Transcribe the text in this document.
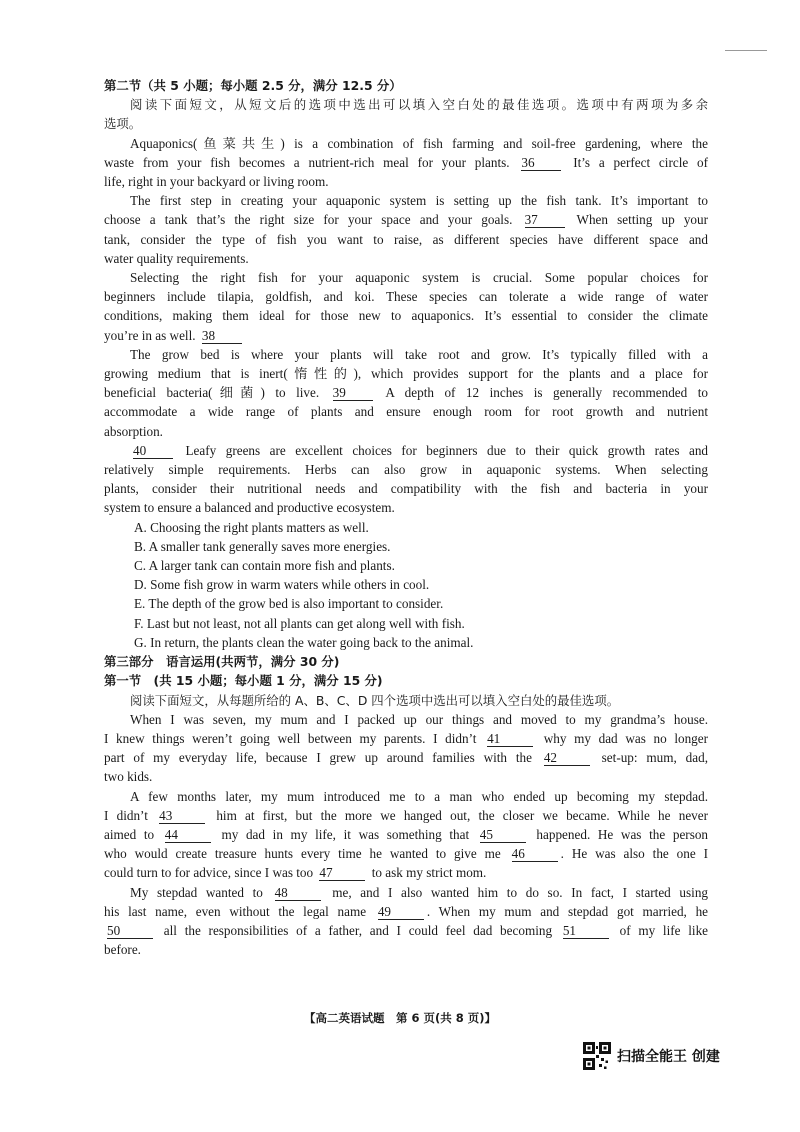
第二节（共 5 小题；每小题 2.5 分，满分 12.5 分）
阅读下面短文，从短文后的选项中选出可以填入空白处的最佳选项。选项中有两项为多余
选项。
Aquaponics(鱼菜共生) is a combination of fish farming and soil-free gardening, where the
waste from your fish becomes a nutrient-rich meal for your plants. 36	It’s a perfect circle of
life, right in your backyard or living room.
The first step in creating your aquaponic system is setting up the fish tank. It’s important to
choose a tank that’s the right size for your space and your goals. 37	When setting up your
tank, consider the type of fish you want to raise, as different species have different space and
water quality requirements.
Selecting the right fish for your aquaponic system is crucial. Some popular choices for
beginners include tilapia, goldfish, and koi. These species can tolerate a wide range of water
conditions, making them ideal for those new to aquaponics. It’s essential to consider the climate
you’re in as well. 38
The grow bed is where your plants will take root and grow. It’s typically filled with a
growing medium that is inert(惰性的), which provides support for the plants and a place for
beneficial bacteria(细菌) to live. 39	A depth of 12 inches is generally recommended to
accommodate a wide range of plants and ensure enough room for root growth and nutrient
absorption.
40	Leafy greens are excellent choices for beginners due to their quick growth rates and
relatively simple requirements. Herbs can also grow in aquaponic systems. When selecting
plants, consider their nutritional needs and compatibility with the fish and bacteria in your
system to ensure a balanced and productive ecosystem.
A. Choosing the right plants matters as well.
B. A smaller tank generally saves more energies.
C. A larger tank can contain more fish and plants.
D. Some fish grow in warm waters while others in cool.
E. The depth of the grow bed is also important to consider.
F. Last but not least, not all plants can get along well with fish.
G. In return, the plants clean the water going back to the animal.
第三部分　语言运用(共两节，满分 30 分)
第一节　(共 15 小题；每小题 1 分，满分 15 分)
阅读下面短文，从每题所给的 A、B、C、D 四个选项中选出可以填入空白处的最佳选项。
When I was seven, my mum and I packed up our things and moved to my grandma’s house.
I knew things weren’t going well between my parents. I didn’t 41	why my dad was no longer
part of my everyday life, because I grew up around families with the 42	set-up: mum, dad,
two kids.
A few months later, my mum introduced me to a man who ended up becoming my stepdad.
I didn’t 43	him at first, but the more we hanged out, the closer we became. While he never
aimed to 44	my dad in my life, it was something that 45	happened. He was the person
who would create treasure hunts every time he wanted to give me 46	. He was also the one I
could turn to for advice, since I was too 47	to ask my strict mom.
My stepdad wanted to 48	me, and I also wanted him to do so. In fact, I started using
his last name, even without the legal name 49	. When my mum and stepdad got married, he
50	all the responsibilities of a father, and I could feel dad becoming 51	of my life like
before.
【高二英语试题　第 6 页(共 8 页)】
扫描全能王 创建
